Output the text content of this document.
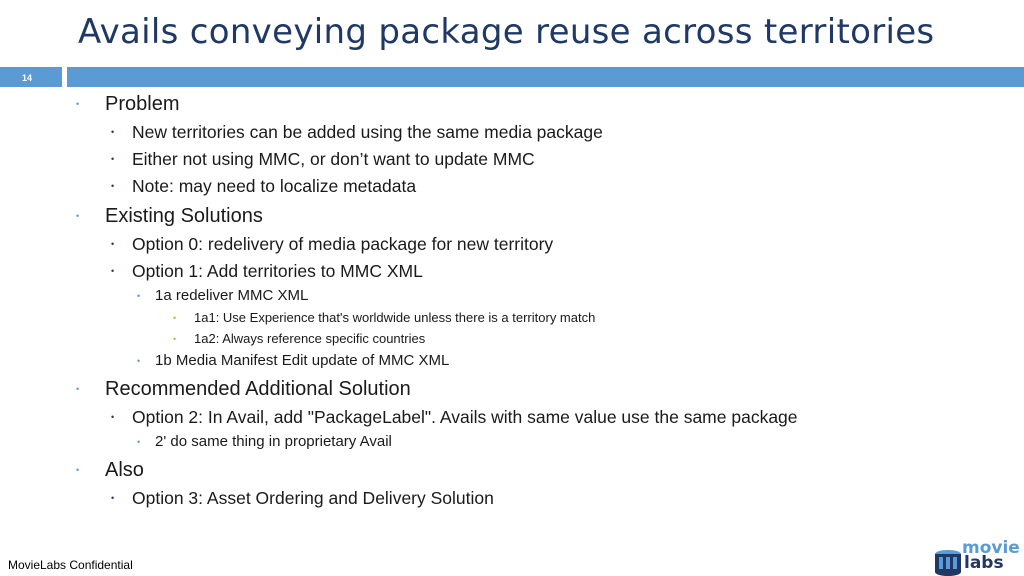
Avails conveying package reuse across territories
14
• Problem
• New territories can be added using the same media package
• Either not using MMC, or don’t want to update MMC
• Note: may need to localize metadata
• Existing Solutions
• Option 0: redelivery of media package for new territory
• Option 1: Add territories to MMC XML
• 1a redeliver MMC XML
• 1a1: Use Experience that's worldwide unless there is a territory match
• 1a2: Always reference specific countries
• 1b Media Manifest Edit update of MMC XML
• Recommended Additional Solution
• Option 2: In Avail, add "PackageLabel". Avails with same value use the same package
• 2' do same thing in proprietary Avail
• Also
• Option 3: Asset Ordering and Delivery Solution
MovieLabs Confidential
movie
labs
